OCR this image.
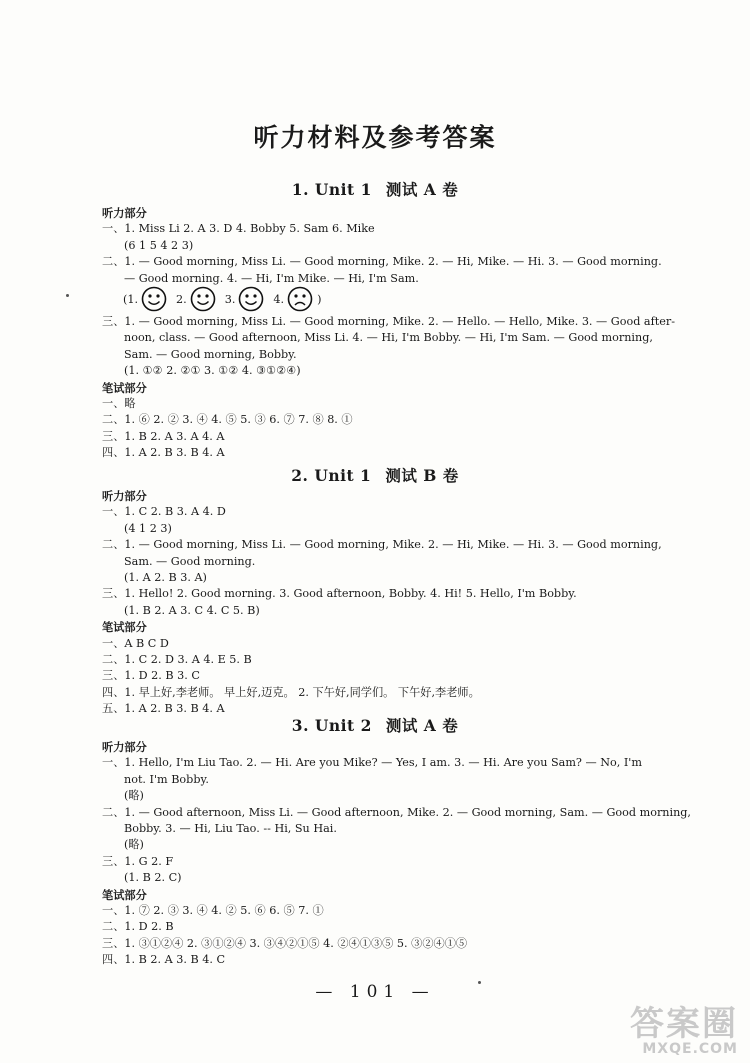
听力材料及参考答案
1. Unit 1 测试 A 卷
听力部分
一、1. Miss Li 2. A 3. D 4. Bobby 5. Sam 6. Mike
(6 1 5 4 2 3)
二、1. — Good morning, Miss Li. — Good morning, Mike. 2. — Hi, Mike. — Hi. 3. — Good morning.
— Good morning. 4. — Hi, I'm Mike. — Hi, I'm Sam.
(1.	2.	3.	4.	)
三、1. — Good morning, Miss Li. — Good morning, Mike. 2. — Hello. — Hello, Mike. 3. — Good after-
noon, class. — Good afternoon, Miss Li. 4. — Hi, I'm Bobby. — Hi, I'm Sam. — Good morning,
Sam. — Good morning, Bobby.
(1. ①② 2. ②① 3. ①② 4. ③①②④)
笔试部分
一、略
二、1. ⑥ 2. ② 3. ④ 4. ⑤ 5. ③ 6. ⑦ 7. ⑧ 8. ①
三、1. B 2. A 3. A 4. A
四、1. A 2. B 3. B 4. A
2. Unit 1 测试 B 卷
听力部分
一、1. C 2. B 3. A 4. D
(4 1 2 3)
二、1. — Good morning, Miss Li. — Good morning, Mike. 2. — Hi, Mike. — Hi. 3. — Good morning,
Sam. — Good morning.
(1. A 2. B 3. A)
三、1. Hello! 2. Good morning. 3. Good afternoon, Bobby. 4. Hi! 5. Hello, I'm Bobby.
(1. B 2. A 3. C 4. C 5. B)
笔试部分
一、A B C D
二、1. C 2. D 3. A 4. E 5. B
三、1. D 2. B 3. C
四、1. 早上好,李老师。 早上好,迈克。 2. 下午好,同学们。 下午好,李老师。
五、1. A 2. B 3. B 4. A
3. Unit 2 测试 A 卷
听力部分
一、1. Hello, I'm Liu Tao. 2. — Hi. Are you Mike? — Yes, I am. 3. — Hi. Are you Sam? — No, I'm
not. I'm Bobby.
(略)
二、1. — Good afternoon, Miss Li. — Good afternoon, Mike. 2. — Good morning, Sam. — Good morning,
Bobby. 3. — Hi, Liu Tao. -- Hi, Su Hai.
(略)
三、1. G 2. F
(1. B 2. C)
笔试部分
一、1. ⑦ 2. ③ 3. ④ 4. ② 5. ⑥ 6. ⑤ 7. ①
二、1. D 2. B
三、1. ③①②④ 2. ③①②④ 3. ③④②①⑤ 4. ②④①③⑤ 5. ③②④①⑤
四、1. B 2. A 3. B 4. C
— 101 —
答案圈
MXQE.COM
